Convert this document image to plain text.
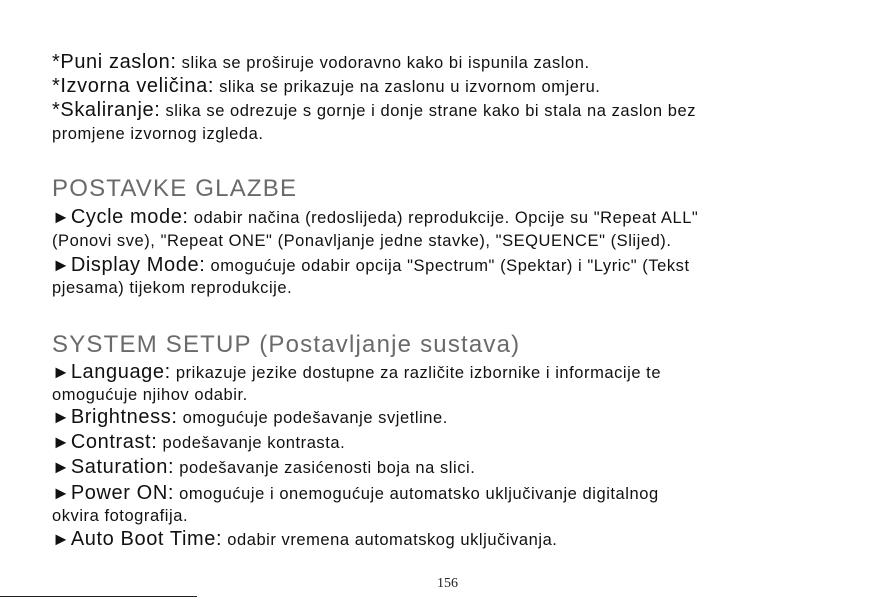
*Puni zaslon: slika se proširuje vodoravno kako bi ispunila zaslon.
*Izvorna veličina: slika se prikazuje na zaslonu u izvornom omjeru.
*Skaliranje: slika se odrezuje s gornje i donje strane kako bi stala na zaslon bez
promjene izvornog izgleda.
POSTAVKE GLAZBE
►Cycle mode: odabir načina (redoslijeda) reprodukcije. Opcije su "Repeat ALL"
(Ponovi sve), "Repeat ONE" (Ponavljanje jedne stavke), "SEQUENCE" (Slijed).
►Display Mode: omogućuje odabir opcija "Spectrum" (Spektar) i "Lyric" (Tekst
pjesama) tijekom reprodukcije.
SYSTEM SETUP (Postavljanje sustava)
►Language: prikazuje jezike dostupne za različite izbornike i informacije te
omogućuje njihov odabir.
►Brightness: omogućuje podešavanje svjetline.
►Contrast: podešavanje kontrasta.
►Saturation: podešavanje zasićenosti boja na slici.
►Power ON: omogućuje i onemogućuje automatsko uključivanje digitalnog
okvira fotografija.
►Auto Boot Time: odabir vremena automatskog uključivanja.
156
